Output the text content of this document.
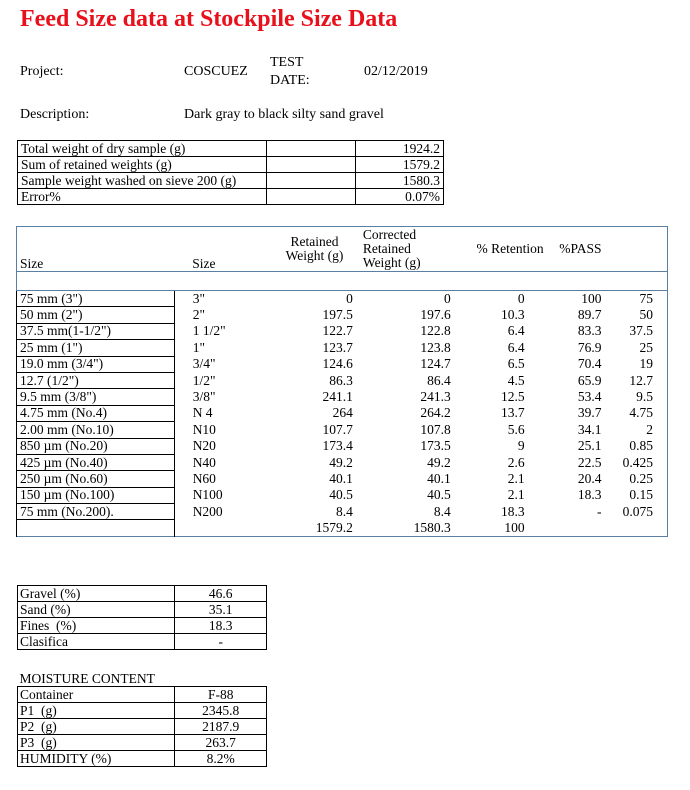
Feed Size data at Stockpile Size Data
Project:	COSCUEZ
TEST
DATE:
02/12/2019
Description:	Dark gray to black silty sand gravel
Total weight of dry sample (g)		1924.2
Sum of retained weights (g)		1579.2
Sample weight washed on sieve 200 (g)		1580.3
Error%		0.07%
Size	Size	Retained Weight (g)	Corrected Retained Weight (g)	% Retention	%PASS	

75 mm (3")	3"	0	0	0	100	75
50 mm (2")	2"	197.5	197.6	10.3	89.7	50
37.5 mm(1-1/2")	1 1/2"	122.7	122.8	6.4	83.3	37.5
25 mm (1")	1"	123.7	123.8	6.4	76.9	25
19.0 mm (3/4")	3/4"	124.6	124.7	6.5	70.4	19
12.7 (1/2")	1/2"	86.3	86.4	4.5	65.9	12.7
9.5 mm (3/8")	3/8"	241.1	241.3	12.5	53.4	9.5
4.75 mm (No.4)	N 4	264	264.2	13.7	39.7	4.75
2.00 mm (No.10)	N10	107.7	107.8	5.6	34.1	2
850 µm (No.20)	N20	173.4	173.5	9	25.1	0.85
425 µm (No.40)	N40	49.2	49.2	2.6	22.5	0.425
250 µm (No.60)	N60	40.1	40.1	2.1	20.4	0.25
150 µm (No.100)	N100	40.5	40.5	2.1	18.3	0.15
75 mm (No.200).	N200	8.4	8.4	18.3	-	0.075
		1579.2	1580.3	100		
Gravel (%)	46.6
Sand (%)	35.1
Fines  (%)	18.3
Clasifica	-
MOISTURE CONTENT	
Container	F-88
P1  (g)	2345.8
P2  (g)	2187.9
P3  (g)	263.7
HUMIDITY (%)	8.2%
